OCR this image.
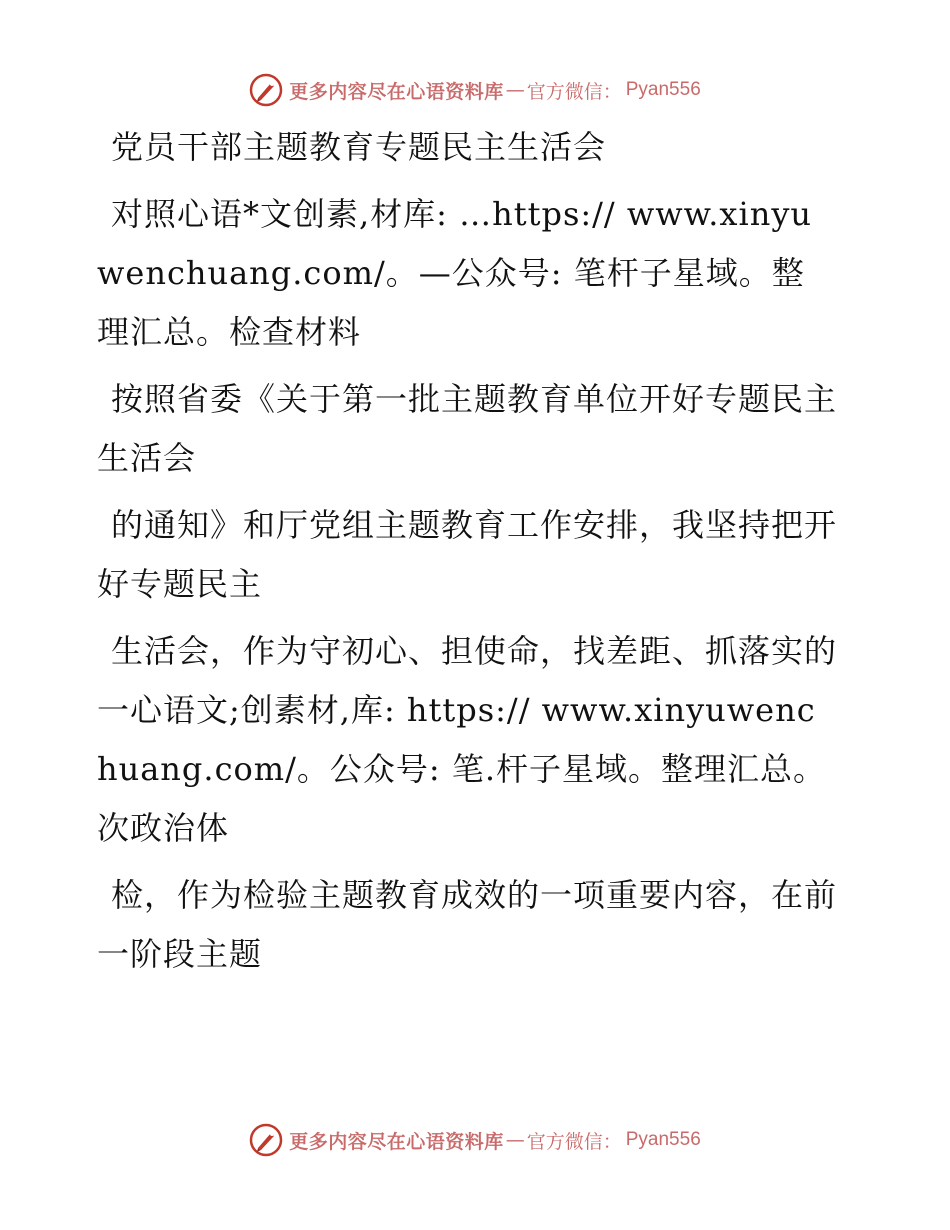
更多内容尽在心语资料库 — 官方微信： Pyan556

党员干部主题教育专题民主生活会

对照心语*文创素,材库: …https:// www.xinyuwenchuang.com/。—公众号: 笔杆子星域。整理汇总。检查材料

按照省委《关于第一批主题教育单位开好专题民主生活会

的通知》和厅党组主题教育工作安排，我坚持把开好专题民主

生活会，作为守初心、担使命，找差距、抓落实的一心语文;创素材,库: https:// www.xinyuwenchuang.com/。公众号: 笔.杆子星域。整理汇总。次政治体

检，作为检验主题教育成效的一项重要内容，在前一阶段主题

更多内容尽在心语资料库 — 官方微信： Pyan556
